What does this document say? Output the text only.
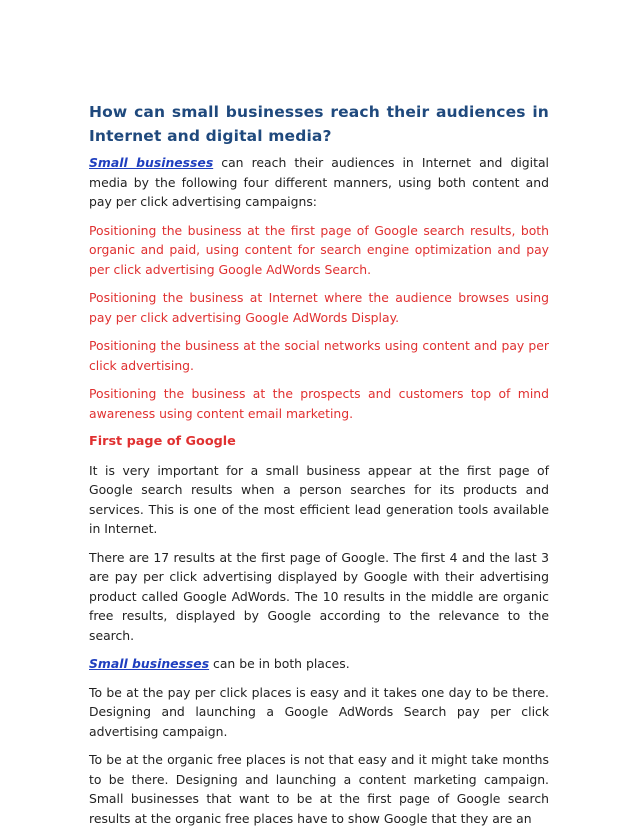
How can small businesses reach their audiences in Internet and digital media?

Small businesses can reach their audiences in Internet and digital media by the following four different manners, using both content and pay per click advertising campaigns:

Positioning the business at the first page of Google search results, both organic and paid, using content for search engine optimization and pay per click advertising Google AdWords Search.

Positioning the business at Internet where the audience browses using pay per click advertising Google AdWords Display.

Positioning the business at the social networks using content and pay per click advertising.

Positioning the business at the prospects and customers top of mind awareness using content email marketing.

First page of Google

It is very important for a small business appear at the first page of Google search results when a person searches for its products and services. This is one of the most efficient lead generation tools available in Internet.

There are 17 results at the first page of Google. The first 4 and the last 3 are pay per click advertising displayed by Google with their advertising product called Google AdWords. The 10 results in the middle are organic free results, displayed by Google according to the relevance to the search.

Small businesses can be in both places.

To be at the pay per click places is easy and it takes one day to be there. Designing and launching a Google AdWords Search pay per click advertising campaign.

To be at the organic free places is not that easy and it might take months to be there. Designing and launching a content marketing campaign. Small businesses that want to be at the first page of Google search results at the organic free places have to show Google that they are an
